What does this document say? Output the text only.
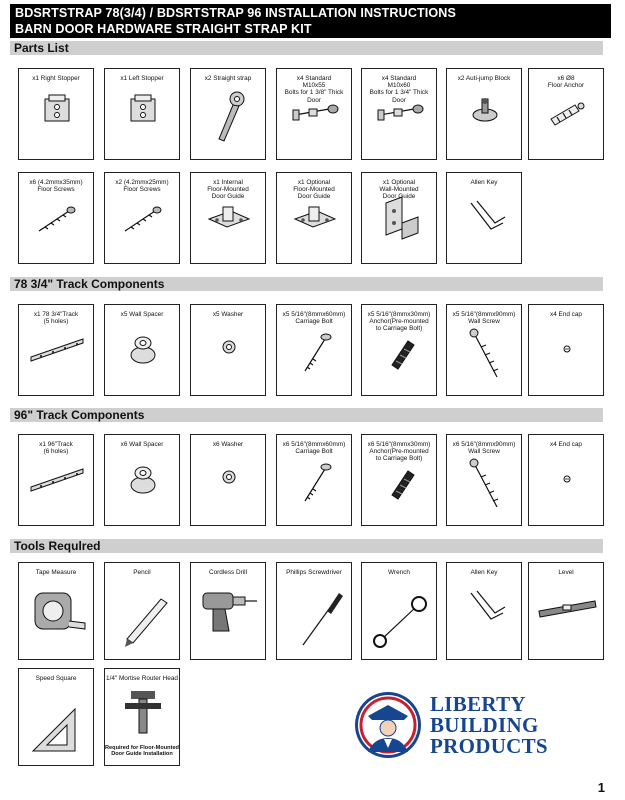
BDSRTSTRAP 78(3/4) / BDSRTSTRAP 96 INSTALLATION INSTRUCTIONS
BARN DOOR HARDWARE STRAIGHT STRAP KIT
Parts List
78 3/4" Track Components
96" Track Components
Tools Requlred
x1 Right Stopper	x1 Left Stopper	x2 Straight strap	x4 Standard
M10x55
Bolts for 1 3/8" Thick Door
x4 Standard
M10x60
Bolts for 1 3/4" Thick Door
x2 Auti-jump Block	x6 Ø8
Floor Anchor
x6 (4.2mmx35mm)
Floor Screws
x2 (4.2mmx25mm)
Floor Screws
x1 Internal
Floor-Mounted
Door Guide
x1 Optional
Floor-Mounted
Door Guide
x1 Optional
Wall-Mounted
Door Guide
Allen Key
x1 78 3/4"Track
(5 holes)
x5 Wall Spacer	x5 Washer	x5 5/16"(8mmx60mm)
Carriage Bolt
x5 5/16"(8mmx30mm)
Anchor(Pre-mounted
to Carriage Bolt)
x5 5/16"(8mmx90mm)
Wall Screw
x4 End cap
x1 96"Track
(6 holes)
x6 Wall Spacer	x6 Washer	x6 5/16"(8mmx60mm)
Carriage Bolt
x6 5/16"(8mmx30mm)
Anchor(Pre-mounted
to Carriage Bolt)
x6 5/16"(8mmx90mm)
Wall Screw
x4 End cap
Tape Measure	Pencil	Cordless Drill	Phillips Screwdriver	Wrench	Allen Key	Level
Speed Square	1/4" Mortise Router Head
Required for Floor-Mounted
Door Guide Installation
LIBERTY
BUILDING
PRODUCTS
1
